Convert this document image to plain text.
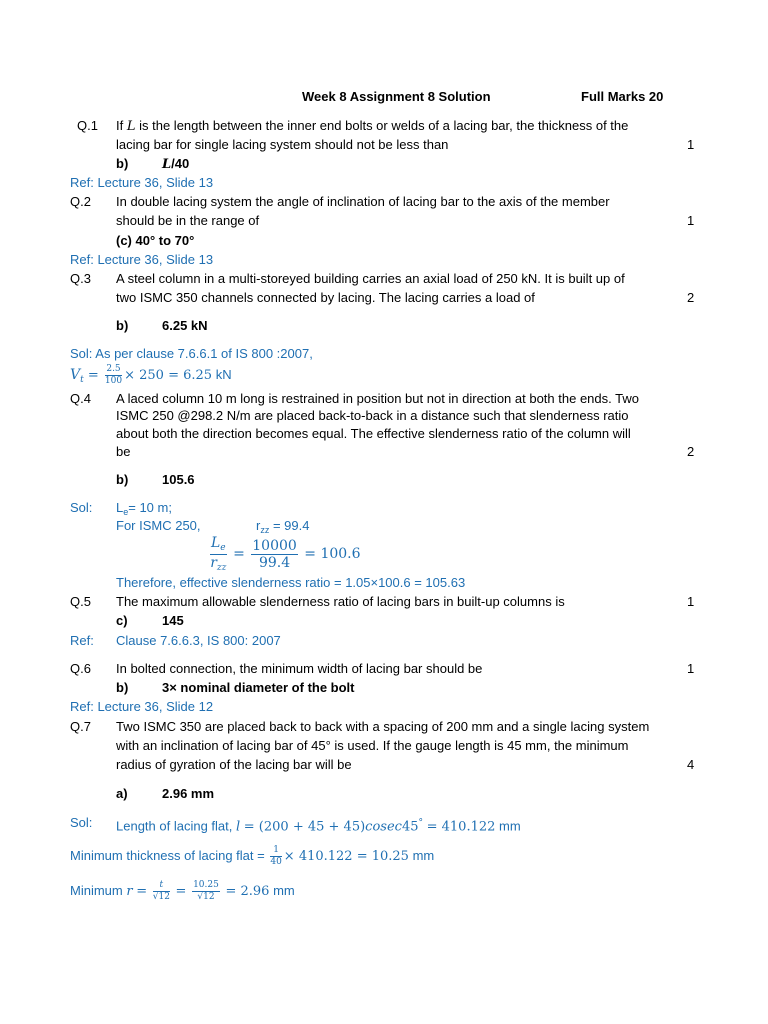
Week 8 Assignment 8 Solution	Full Marks 20
Q.1 If L is the length between the inner end bolts or welds of a lacing bar, the thickness of the
lacing bar for single lacing system should not be less than	1
b)	L/40
Ref: Lecture 36, Slide 13
Q.2 In double lacing system the angle of inclination of lacing bar to the axis of the member
should be in the range of	1
(c) 40° to 70°
Ref: Lecture 36, Slide 13
Q.3 A steel column in a multi-storeyed building carries an axial load of 250 kN. It is built up of
two ISMC 350 channels connected by lacing. The lacing carries a load of	2
b)	6.25 kN
Sol: As per clause 7.6.6.1 of IS 800 :2007,
$V_t = \frac{2.5}{100} \times 250 = 6.25$ kN
Q.4 A laced column 10 m long is restrained in position but not in direction at both the ends. Two
ISMC 250 @298.2 N/m are placed back-to-back in a distance such that slenderness ratio
about both the direction becomes equal. The effective slenderness ratio of the column will
be	2
b)	105.6
Sol: $L_e= 10$ m;
For ISMC 250,	$r_{zz} = 99.4$
$\frac{L_e}{r_{zz}} = \frac{10000}{99.4} = 100.6$
Therefore, effective slenderness ratio = 1.05×100.6 = 105.63
Q.5 The maximum allowable slenderness ratio of lacing bars in built-up columns is	1
c)	145
Ref: Clause 7.6.6.3, IS 800: 2007
Q.6 In bolted connection, the minimum width of lacing bar should be	1
b)	3× nominal diameter of the bolt
Ref: Lecture 36, Slide 12
Q.7 Two ISMC 350 are placed back to back with a spacing of 200 mm and a single lacing system
with an inclination of lacing bar of 45° is used. If the gauge length is 45 mm, the minimum
radius of gyration of the lacing bar will be	4
a)	2.96 mm
Sol: Length of lacing flat, l = (200 + 45 + 45)cosec45° = 410.122 mm
Minimum thickness of lacing flat = $\frac{1}{40} \times 410.122 = 10.25$ mm
Minimum $r = \frac{t}{√12} = \frac{10.25}{√12} = 2.96$ mm
